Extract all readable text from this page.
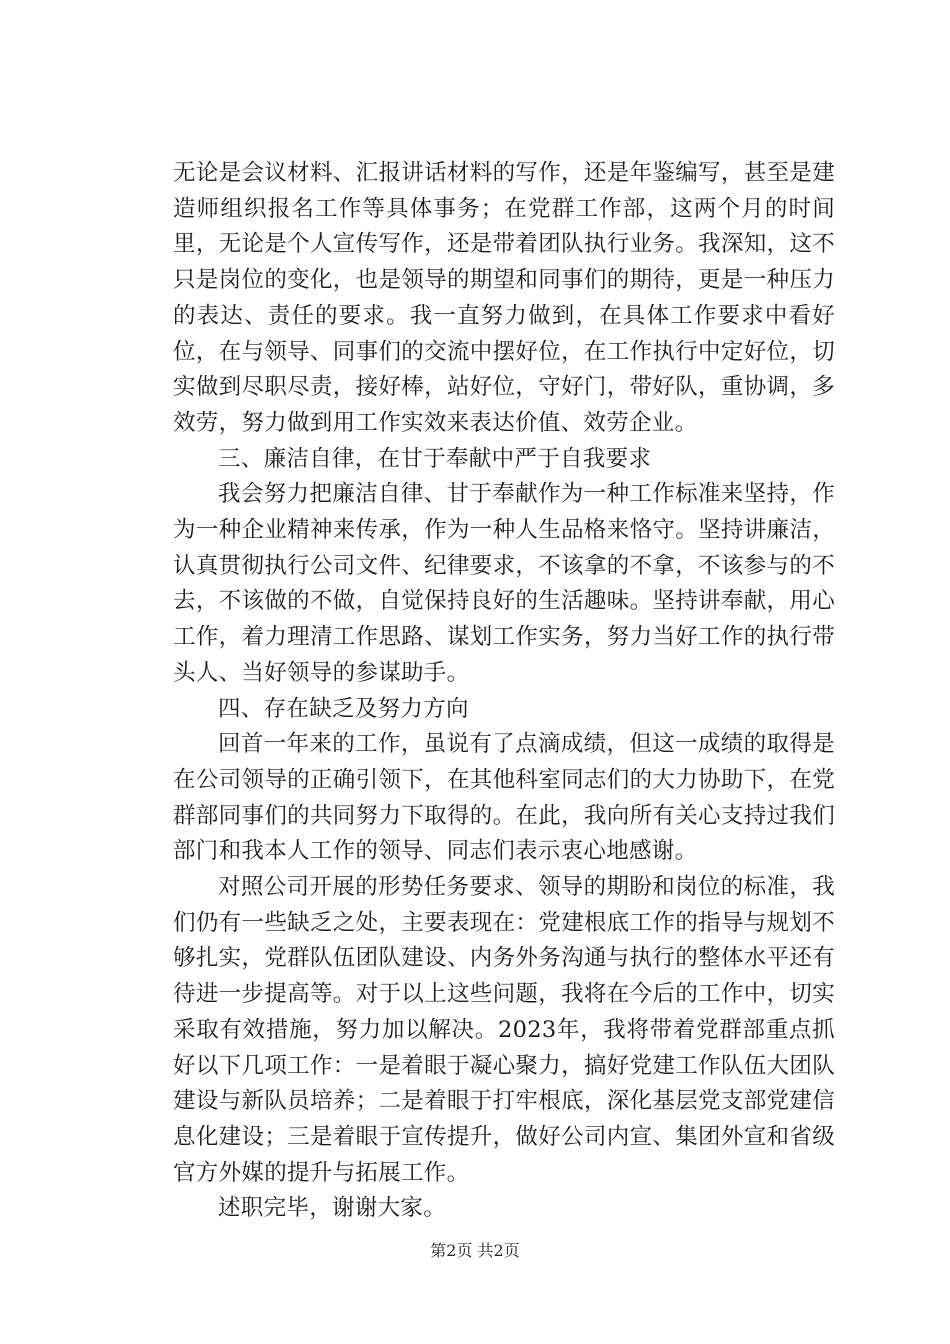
无论是会议材料、汇报讲话材料的写作，还是年鉴编写，甚至是建造师组织报名工作等具体事务；在党群工作部，这两个月的时间里，无论是个人宣传写作，还是带着团队执行业务。我深知，这不只是岗位的变化，也是领导的期望和同事们的期待，更是一种压力的表达、责任的要求。我一直努力做到，在具体工作要求中看好位，在与领导、同事们的交流中摆好位，在工作执行中定好位，切实做到尽职尽责，接好棒，站好位，守好门，带好队，重协调，多效劳，努力做到用工作实效来表达价值、效劳企业。

三、廉洁自律，在甘于奉献中严于自我要求

我会努力把廉洁自律、甘于奉献作为一种工作标准来坚持，作为一种企业精神来传承，作为一种人生品格来恪守。坚持讲廉洁，认真贯彻执行公司文件、纪律要求，不该拿的不拿，不该参与的不去，不该做的不做，自觉保持良好的生活趣味。坚持讲奉献，用心工作，着力理清工作思路、谋划工作实务，努力当好工作的执行带头人、当好领导的参谋助手。

四、存在缺乏及努力方向

回首一年来的工作，虽说有了点滴成绩，但这一成绩的取得是在公司领导的正确引领下，在其他科室同志们的大力协助下，在党群部同事们的共同努力下取得的。在此，我向所有关心支持过我们部门和我本人工作的领导、同志们表示衷心地感谢。

对照公司开展的形势任务要求、领导的期盼和岗位的标准，我们仍有一些缺乏之处，主要表现在：党建根底工作的指导与规划不够扎实，党群队伍团队建设、内务外务沟通与执行的整体水平还有待进一步提高等。对于以上这些问题，我将在今后的工作中，切实采取有效措施，努力加以解决。2023年，我将带着党群部重点抓好以下几项工作：一是着眼于凝心聚力，搞好党建工作队伍大团队建设与新队员培养；二是着眼于打牢根底，深化基层党支部党建信息化建设；三是着眼于宣传提升，做好公司内宣、集团外宣和省级官方外媒的提升与拓展工作。

述职完毕，谢谢大家。

第2页 共2页
